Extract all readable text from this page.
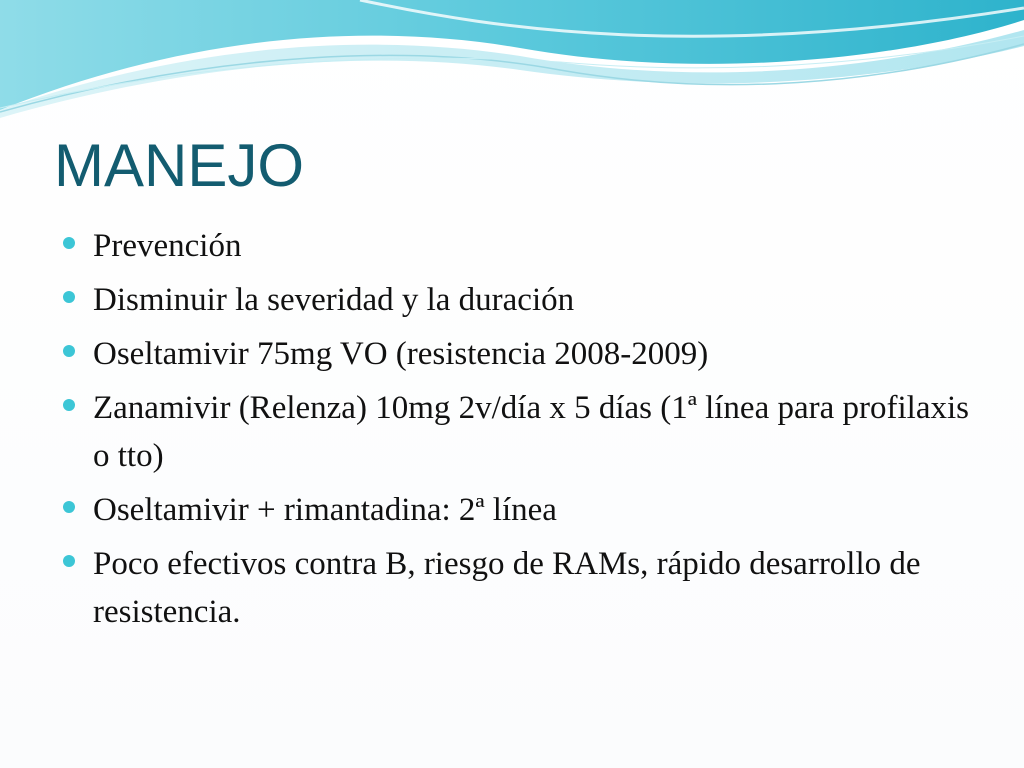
MANEJO
Prevención
Disminuir la severidad y la duración
Oseltamivir 75mg VO (resistencia 2008-2009)
Zanamivir (Relenza) 10mg 2v/día x 5 días (1ª línea para profilaxis o tto)
Oseltamivir + rimantadina: 2ª línea
Poco efectivos contra B, riesgo de RAMs, rápido desarrollo de resistencia.
